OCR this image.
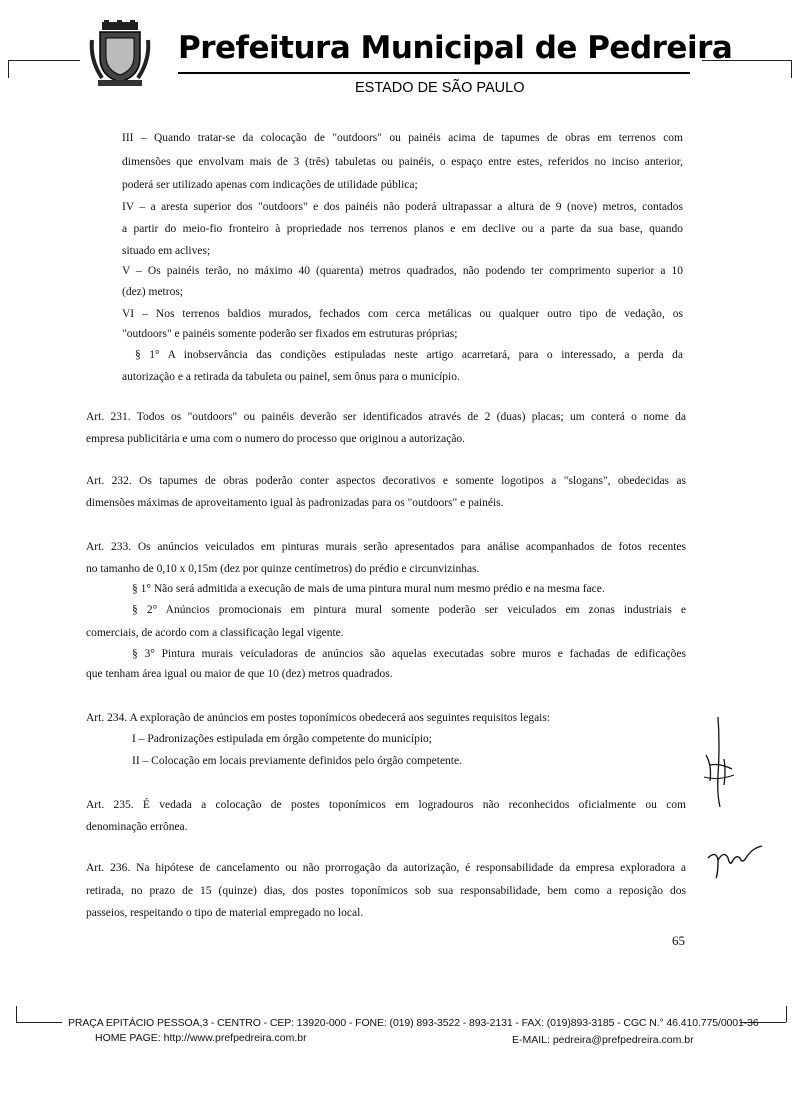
Prefeitura Municipal de Pedreira
ESTADO DE SÃO PAULO
III – Quando tratar-se da colocação de "outdoors" ou painéis acima de tapumes de obras em terrenos com
dimensões que envolvam mais de 3 (três) tabuletas ou painéis, o espaço entre estes, referidos no inciso anterior,
poderá ser utilizado apenas com indicações de utilidade pública;
IV – a aresta superior dos "outdoors" e dos painéis não poderá ultrapassar a altura de 9 (nove) metros, contados
a partir do meio-fio fronteiro à propriedade nos terrenos planos e em declive ou a parte da sua base, quando
situado em aclives;
V – Os painéis terão, no máximo 40 (quarenta) metros quadrados, não podendo ter comprimento superior a 10
(dez) metros;
VI – Nos terrenos baldios murados, fechados com cerca metálicas ou qualquer outro tipo de vedação, os
"outdoors" e painéis somente poderão ser fixados em estruturas próprias;
§ 1° A inobservância das condições estipuladas neste artigo acarretará, para o interessado, a perda da
autorização e a retirada da tabuleta ou painel, sem ônus para o município.
Art. 231. Todos os "outdoors" ou painéis deverão ser identificados através de 2 (duas) placas; um conterá o nome da
empresa publicitária e uma com o numero do processo que originou a autorização.
Art. 232. Os tapumes de obras poderão conter aspectos decorativos e somente logotipos a "slogans", obedecidas as
dimensões máximas de aproveitamento igual às padronizadas para os "outdoors" e painéis.
Art. 233. Os anúncios veiculados em pinturas murais serão apresentados para análise acompanhados de fotos recentes
no tamanho de 0,10 x 0,15m (dez por quinze centímetros) do prédio e circunvizinhas.
§ 1° Não será admitida a execução de mais de uma pintura mural num mesmo prédio e na mesma face.
§ 2° Anúncios promocionais em pintura mural somente poderão ser veiculados em zonas industriais e
comerciais, de acordo com a classificação legal vigente.
§ 3° Pintura murais veiculadoras de anúncios são aquelas executadas sobre muros e fachadas de edificações
que tenham área igual ou maior de que 10 (dez) metros quadrados.
Art. 234. A exploração de anúncios em postes toponímicos obedecerá aos seguintes requisitos legais:
I – Padronizações estipulada em órgão competente do município;
II – Colocação em locais previamente definidos pelo órgão competente.
Art. 235. É vedada a colocação de postes toponímicos em logradouros não reconhecidos oficialmente ou com
denominação errônea.
Art. 236. Na hipótese de cancelamento ou não prorrogação da autorização, é responsabilidade da empresa exploradora a
retirada, no prazo de 15 (quinze) dias, dos postes toponímicos sob sua responsabilidade, bem como a reposição dos
passeios, respeitando o tipo de material empregado no local.
65
PRAÇA EPITÁCIO PESSOA,3 - CENTRO - CEP: 13920-000 - FONE: (019) 893-3522 - 893-2131 - FAX: (019)893-3185 - CGC N.° 46.410.775/0001-36
HOME PAGE: http://www.prefpedreira.com.br	E-MAIL: pedreira@prefpedreira.com.br
